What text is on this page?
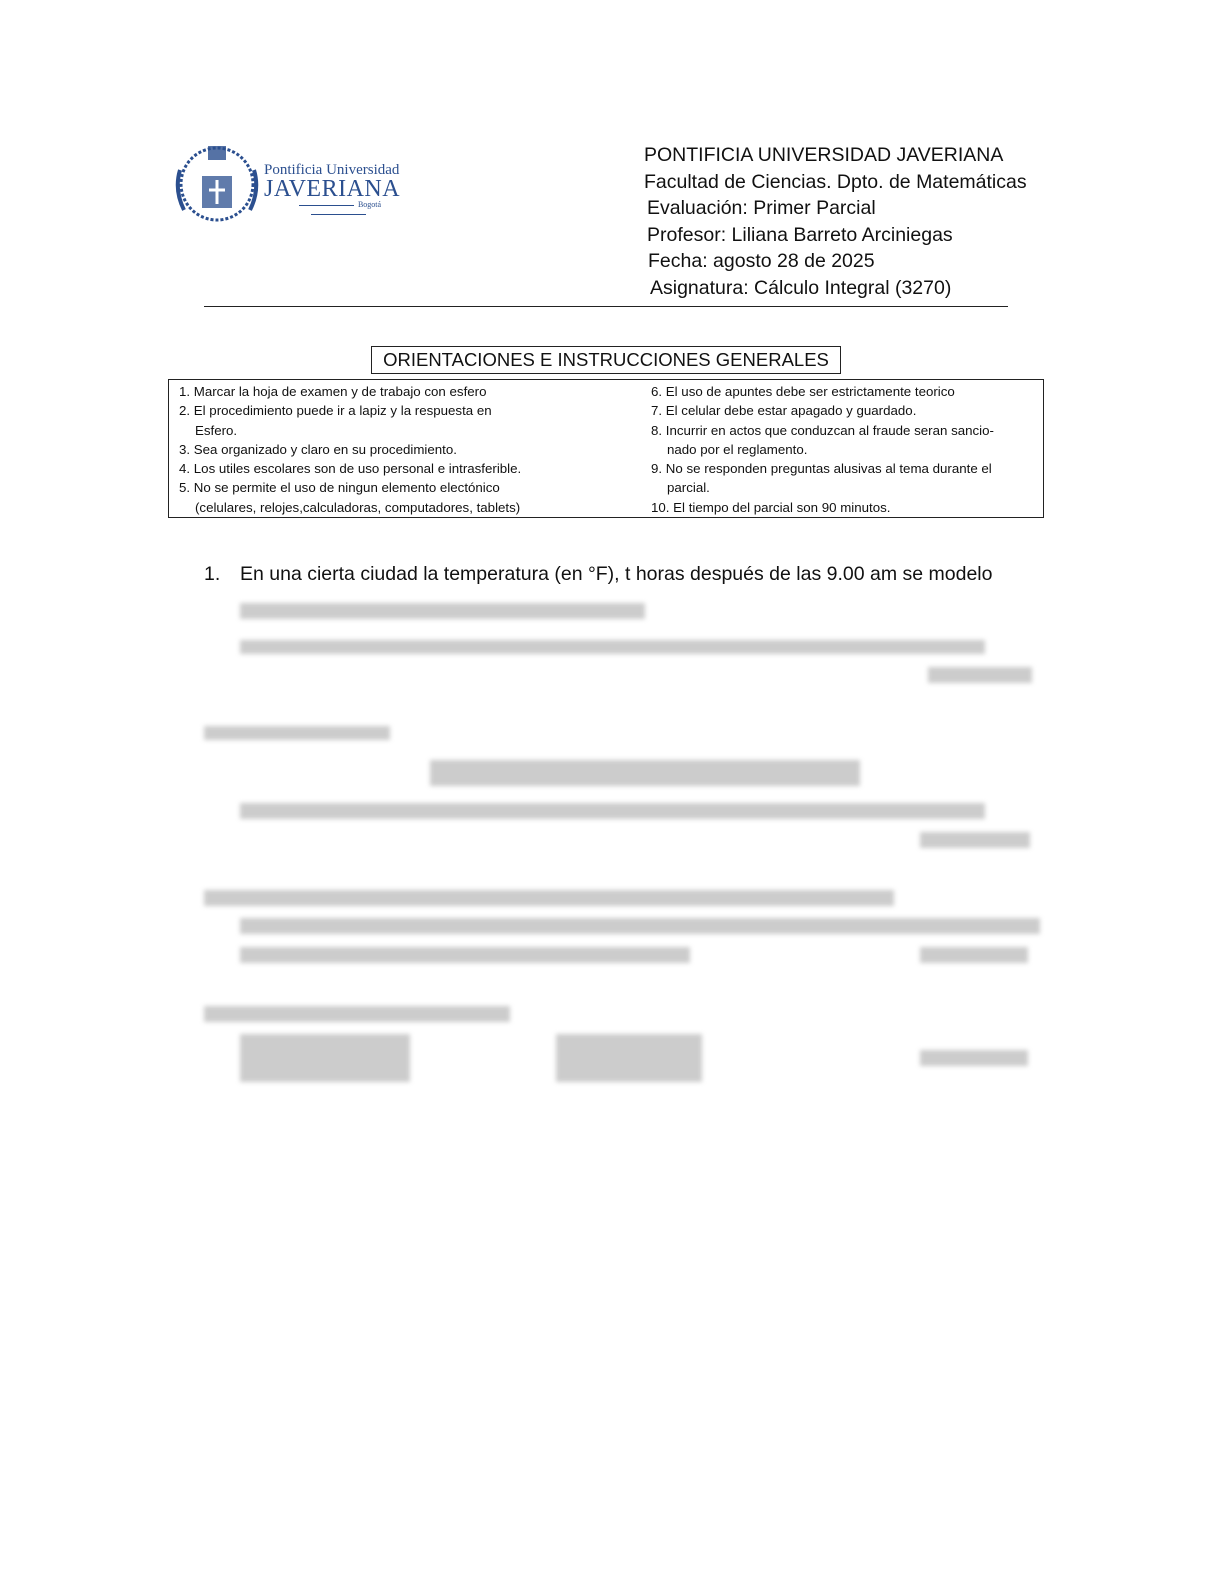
Pontificia Universidad
JAVERIANA
Bogotá
PONTIFICIA UNIVERSIDAD JAVERIANA
Facultad de Ciencias. Dpto. de Matemáticas
Evaluación: Primer Parcial
Profesor: Liliana Barreto Arciniegas
Fecha: agosto 28 de 2025
Asignatura: Cálculo Integral (3270)
ORIENTACIONES E INSTRUCCIONES GENERALES
1. Marcar la hoja de examen y de trabajo con esfero
2. El procedimiento puede ir a lapiz y la respuesta en
Esfero.
3. Sea organizado y claro en su procedimiento.
4. Los utiles escolares son de uso personal e intrasferible.
5. No se permite el uso de ningun elemento electónico
(celulares, relojes,calculadoras, computadores, tablets)
6. El uso de apuntes debe ser estrictamente teorico
7. El celular debe estar apagado y guardado.
8. Incurrir en actos que conduzcan al fraude seran sancio-
nado por el reglamento.
9. No se responden preguntas alusivas al tema durante el
parcial.
10. El tiempo del parcial son 90 minutos.
1. En una cierta ciudad la temperatura (en °F), t horas después de las 9.00 am se modelo
